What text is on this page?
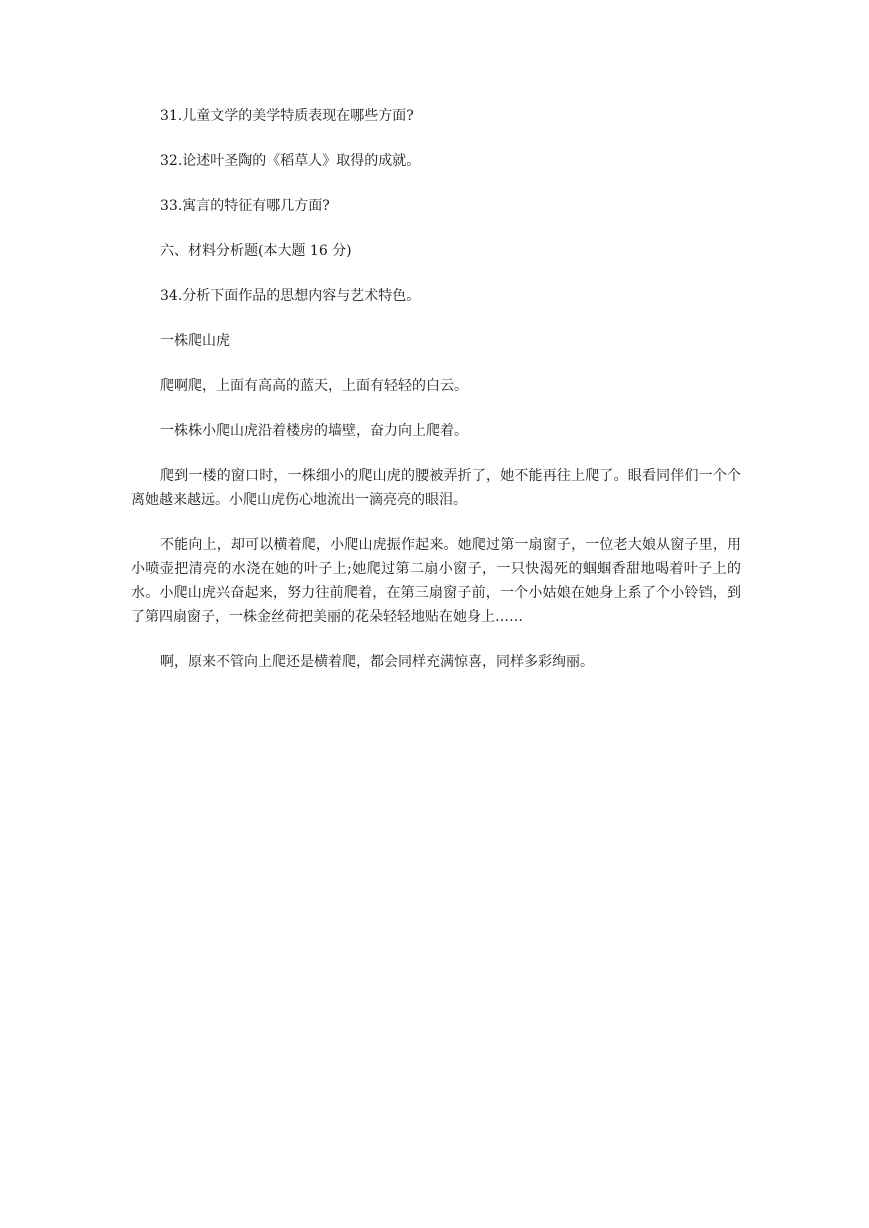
31.儿童文学的美学特质表现在哪些方面?

32.论述叶圣陶的《稻草人》取得的成就。

33.寓言的特征有哪几方面?

六、材料分析题(本大题 16 分)

34.分析下面作品的思想内容与艺术特色。

一株爬山虎

爬啊爬，上面有高高的蓝天，上面有轻轻的白云。

一株株小爬山虎沿着楼房的墙壁，奋力向上爬着。

爬到一楼的窗口时，一株细小的爬山虎的腰被弄折了，她不能再往上爬了。眼看同伴们一个个离她越来越远。小爬山虎伤心地流出一滴亮亮的眼泪。

不能向上，却可以横着爬，小爬山虎振作起来。她爬过第一扇窗子，一位老大娘从窗子里，用小喷壶把清亮的水浇在她的叶子上;她爬过第二扇小窗子，一只快渴死的蝈蝈香甜地喝着叶子上的水。小爬山虎兴奋起来，努力往前爬着，在第三扇窗子前，一个小姑娘在她身上系了个小铃铛，到了第四扇窗子，一株金丝荷把美丽的花朵轻轻地贴在她身上……

啊，原来不管向上爬还是横着爬，都会同样充满惊喜，同样多彩绚丽。
